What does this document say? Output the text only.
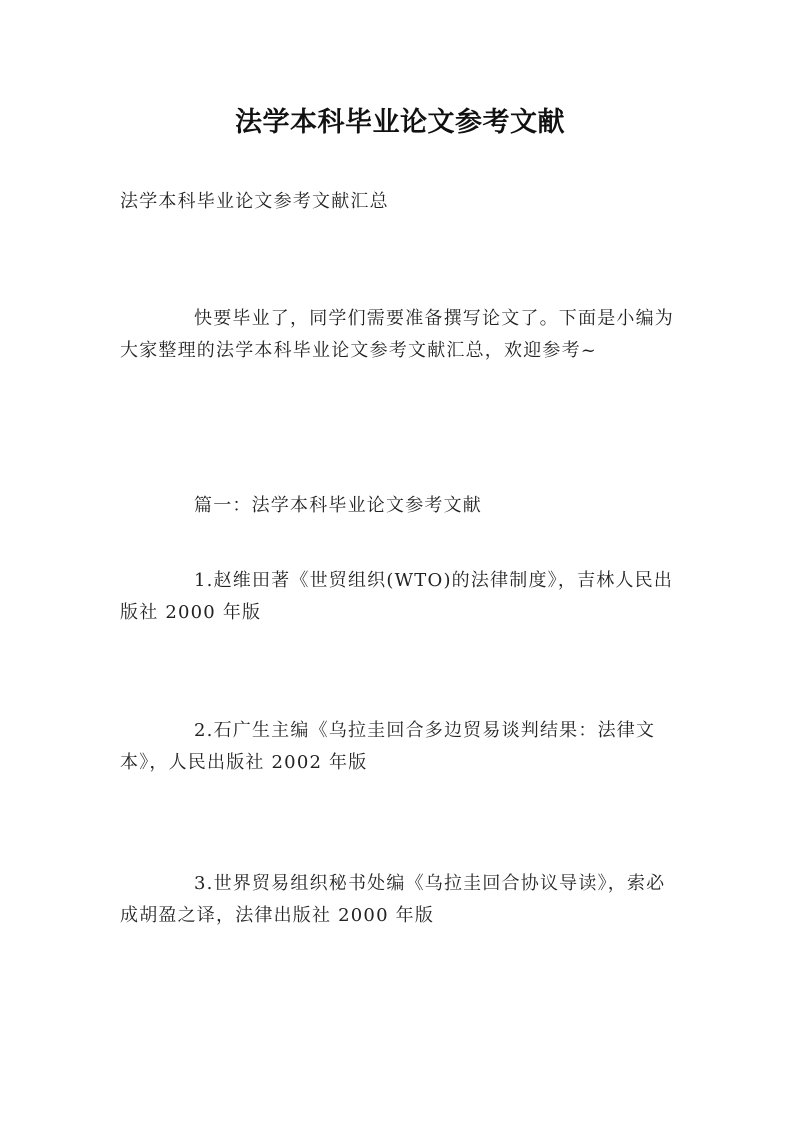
法学本科毕业论文参考文献

法学本科毕业论文参考文献汇总

快要毕业了，同学们需要准备撰写论文了。下面是小编为大家整理的法学本科毕业论文参考文献汇总，欢迎参考~

篇一：法学本科毕业论文参考文献

1.赵维田著《世贸组织(WTO)的法律制度》，吉林人民出版社 2000 年版

2.石广生主编《乌拉圭回合多边贸易谈判结果：法律文本》，人民出版社 2002 年版

3.世界贸易组织秘书处编《乌拉圭回合协议导读》，索必成胡盈之译，法律出版社 2000 年版
